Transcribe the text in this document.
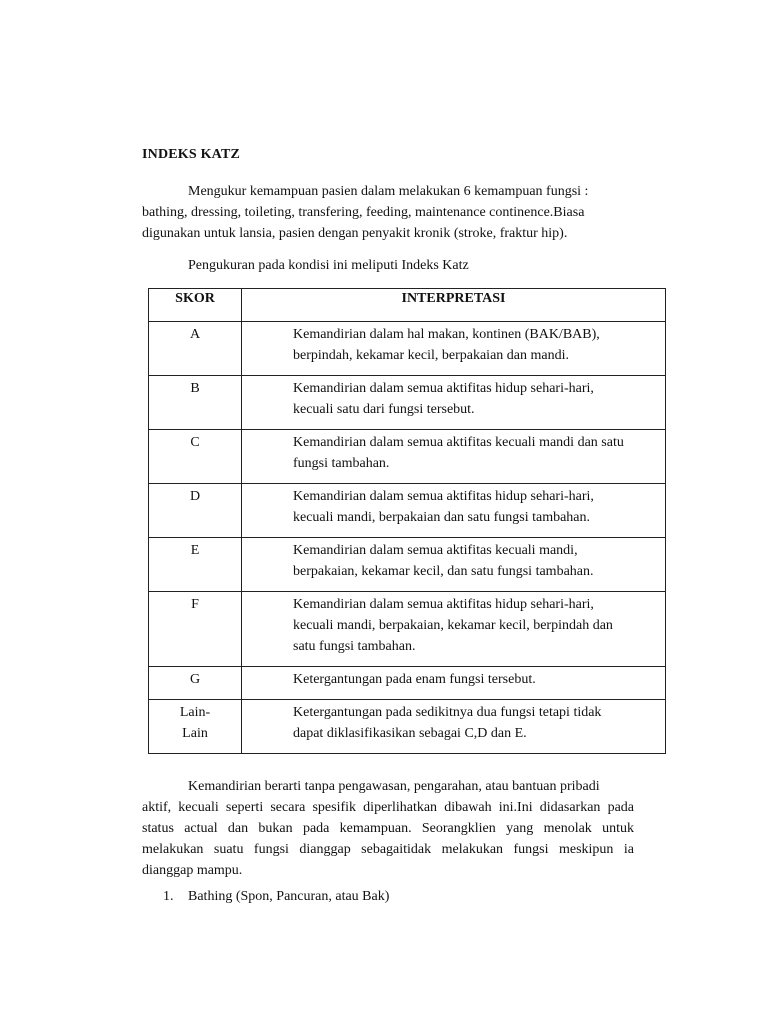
INDEKS KATZ
Mengukur kemampuan pasien dalam melakukan 6 kemampuan fungsi :
bathing, dressing, toileting, transfering, feeding, maintenance continence.Biasa
digunakan untuk lansia, pasien dengan penyakit kronik (stroke, fraktur hip).
Pengukuran pada kondisi ini meliputi Indeks Katz
SKOR	INTERPRETASI
A	Kemandirian dalam hal makan, kontinen (BAK/BAB),
berpindah, kekamar kecil, berpakaian dan mandi.
B	Kemandirian dalam semua aktifitas hidup sehari-hari,
kecuali satu dari fungsi tersebut.
C	Kemandirian dalam semua aktifitas kecuali mandi dan satu
fungsi tambahan.
D	Kemandirian dalam semua aktifitas hidup sehari-hari,
kecuali mandi, berpakaian dan satu fungsi tambahan.
E	Kemandirian dalam semua aktifitas kecuali mandi,
berpakaian, kekamar kecil, dan satu fungsi tambahan.
F	Kemandirian dalam semua aktifitas hidup sehari-hari,
kecuali mandi, berpakaian, kekamar kecil, berpindah dan
satu fungsi tambahan.
G	Ketergantungan pada enam fungsi tersebut.
Lain-
Lain	Ketergantungan pada sedikitnya dua fungsi tetapi tidak
dapat diklasifikasikan sebagai C,D dan E.
Kemandirian berarti tanpa pengawasan, pengarahan, atau bantuan pribadi
aktif, kecuali seperti secara spesifik diperlihatkan dibawah ini.Ini didasarkan pada
status actual dan bukan pada kemampuan. Seorangklien yang menolak untuk
melakukan suatu fungsi dianggap sebagaitidak melakukan fungsi meskipun ia
dianggap mampu.
1. Bathing (Spon, Pancuran, atau Bak)
